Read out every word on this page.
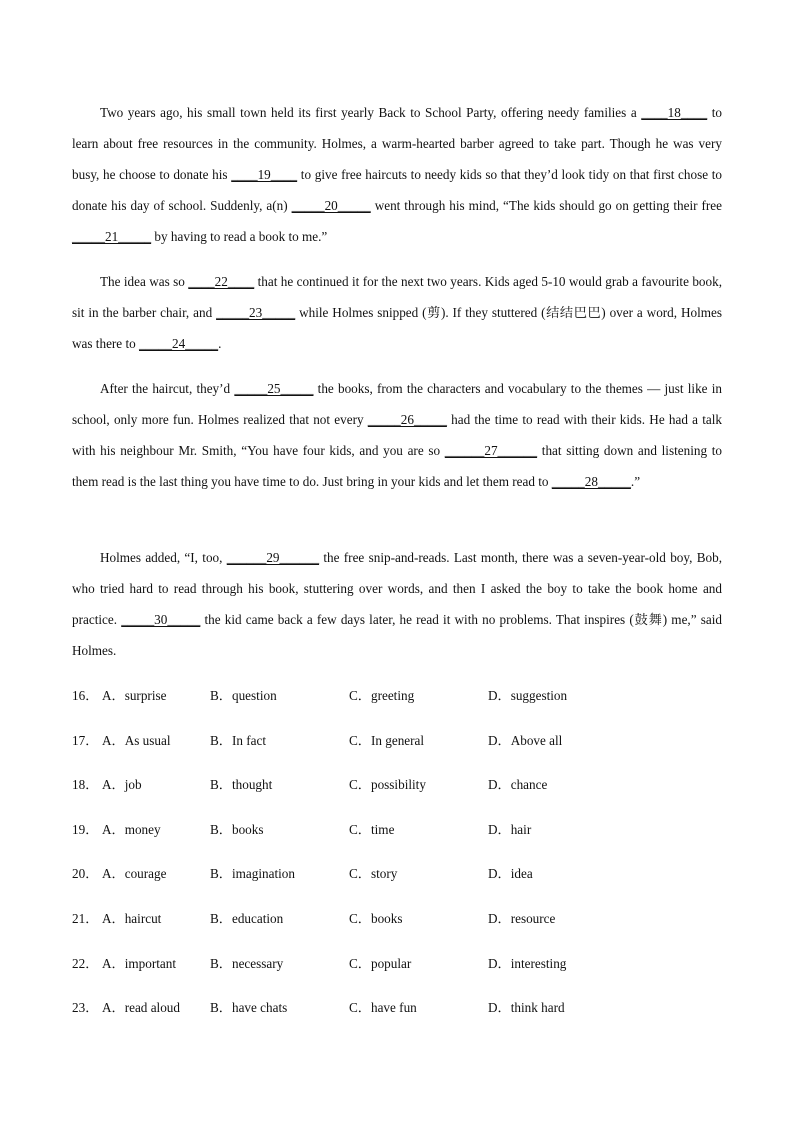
Two years ago, his small town held its first yearly Back to School Party, offering needy families a ____18____ to learn about free resources in the community. Holmes, a warm-hearted barber agreed to take part. Though he was very busy, he choose to donate his ____19____ to give free haircuts to needy kids so that they’d look tidy on that first chose to donate his day of school. Suddenly, a(n) _____20_____ went through his mind, “The kids should go on getting their free _____21_____ by having to read a book to me.”

The idea was so ____22____ that he continued it for the next two years. Kids aged 5-10 would grab a favourite book, sit in the barber chair, and _____23_____ while Holmes snipped (剪). If they stuttered (结结巴巴) over a word, Holmes was there to _____24_____.

After the haircut, they’d _____25_____ the books, from the characters and vocabulary to the themes — just like in school, only more fun. Holmes realized that not every _____26_____ had the time to read with their kids. He had a talk with his neighbour Mr. Smith, “You have four kids, and you are so ______27______ that sitting down and listening to them read is the last thing you have time to do. Just bring in your kids and let them read to _____28_____.”

Holmes added, “I, too, ______29______ the free snip-and-reads. Last month, there was a seven-year-old boy, Bob, who tried hard to read through his book, stuttering over words, and then I asked the boy to take the book home and practice. _____30_____ the kid came back a few days later, he read it with no problems. That inspires (鼓舞) me,” said Holmes.

16． A．surprise	B．question	C．greeting	D．suggestion
17． A．As usual	B．In fact	C．In general	D．Above all
18． A．job	B．thought	C．possibility	D．chance
19． A．money	B．books	C．time	D．hair
20． A．courage	B．imagination	C．story	D．idea
21． A．haircut	B．education	C．books	D．resource
22． A．important	B．necessary	C．popular	D．interesting
23． A．read aloud B．have chats	C．have fun	D．think hard
